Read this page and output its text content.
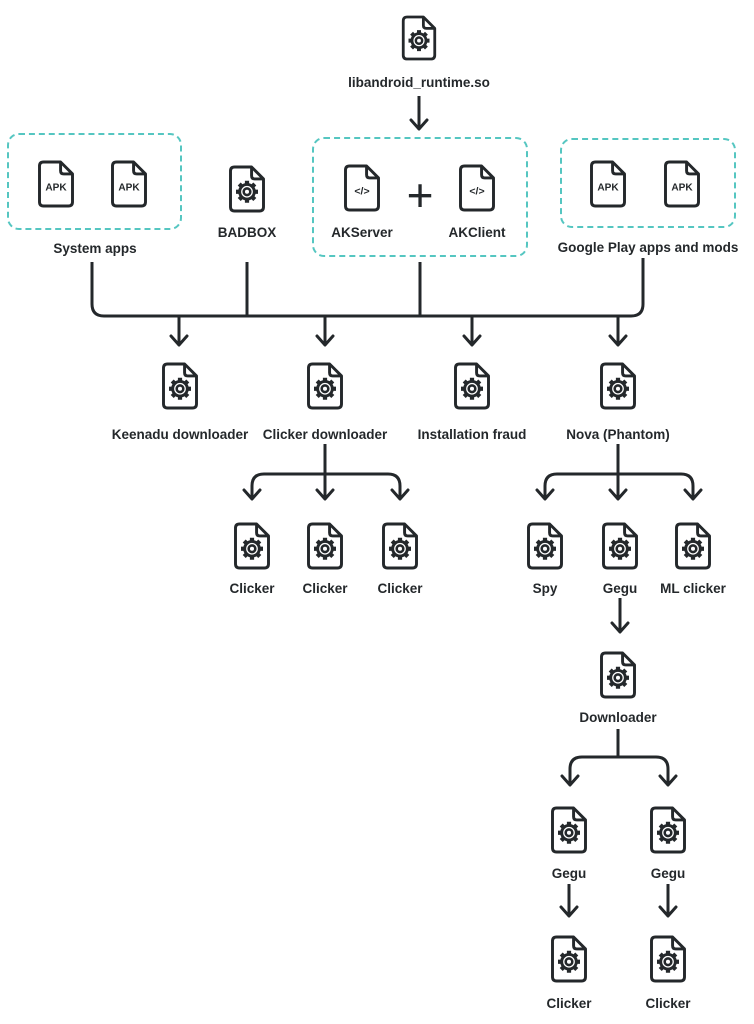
libandroid_runtime.so
APK	APK
System apps
BADBOX
</> +	</>
AKServer	AKClient
APK	APK
Google Play apps and mods
Keenadu downloader Clicker downloader Installation fraud	Nova (Phantom)
Clicker Clicker Clicker	Spy	Gegu ML clicker
Downloader
Gegu	Gegu
Clicker	Clicker
